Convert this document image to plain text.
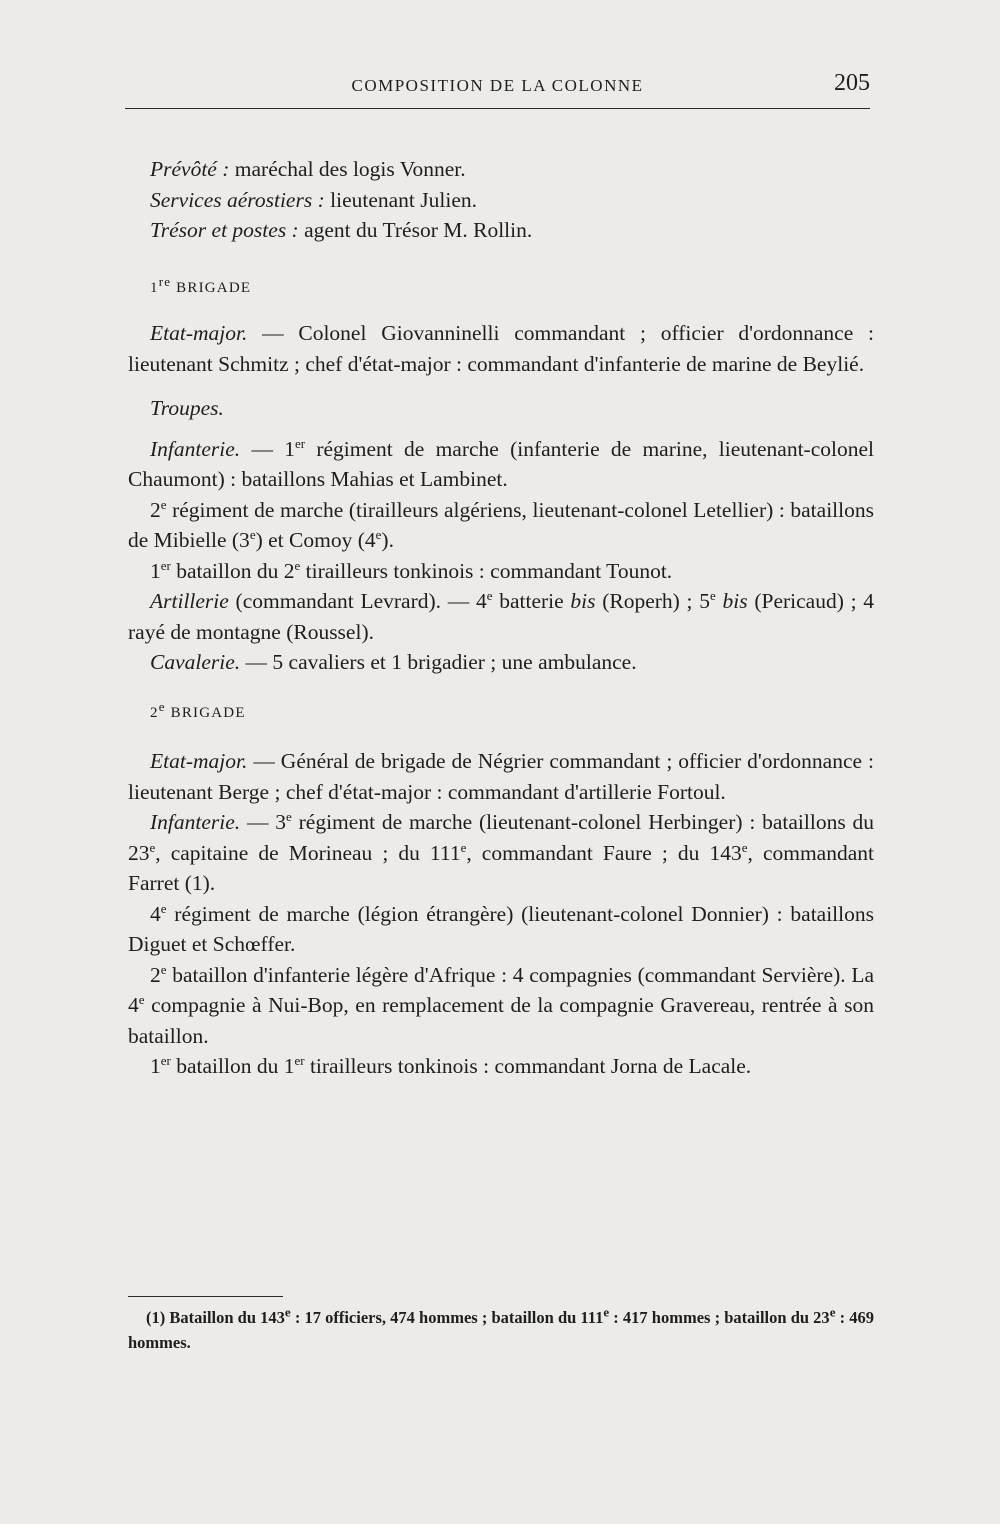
COMPOSITION DE LA COLONNE	205

Prévôté : maréchal des logis Vonner.

Services aérostiers : lieutenant Julien.

Trésor et postes : agent du Trésor M. Rollin.

1re BRIGADE

Etat-major. — Colonel Giovanninelli commandant ; officier d'ordonnance : lieutenant Schmitz ; chef d'état-major : commandant d'infanterie de marine de Beylié.

Troupes.

Infanterie. — 1er régiment de marche (infanterie de marine, lieutenant-colonel Chaumont) : bataillons Mahias et Lambinet.

2e régiment de marche (tirailleurs algériens, lieutenant-colonel Letellier) : bataillons de Mibielle (3e) et Comoy (4e).

1er bataillon du 2e tirailleurs tonkinois : commandant Tounot.

Artillerie (commandant Levrard). — 4e batterie bis (Roperh) ; 5e bis (Pericaud) ; 4 rayé de montagne (Roussel).

Cavalerie. — 5 cavaliers et 1 brigadier ; une ambulance.

2e BRIGADE

Etat-major. — Général de brigade de Négrier commandant ; officier d'ordonnance : lieutenant Berge ; chef d'état-major : commandant d'artillerie Fortoul.

Infanterie. — 3e régiment de marche (lieutenant-colonel Herbinger) : bataillons du 23e, capitaine de Morineau ; du 111e, commandant Faure ; du 143e, commandant Farret (1).

4e régiment de marche (légion étrangère) (lieutenant-colonel Donnier) : bataillons Diguet et Schœffer.

2e bataillon d'infanterie légère d'Afrique : 4 compagnies (commandant Servière). La 4e compagnie à Nui-Bop, en remplacement de la compagnie Gravereau, rentrée à son bataillon.

1er bataillon du 1er tirailleurs tonkinois : commandant Jorna de Lacale.

(1) Bataillon du 143e : 17 officiers, 474 hommes ; bataillon du 111e : 417 hommes ; bataillon du 23e : 469 hommes.
